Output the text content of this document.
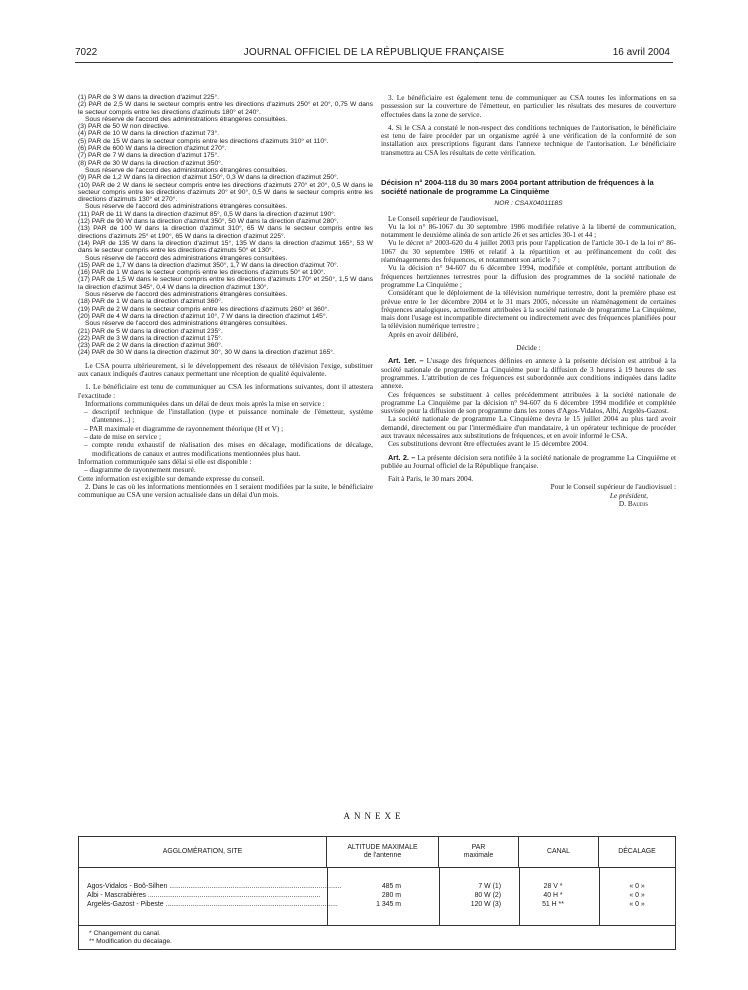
7022	JOURNAL OFFICIEL DE LA RÉPUBLIQUE FRANÇAISE	16 avril 2004

(1) PAR de 3 W dans la direction d'azimut 225°.

(2) PAR de 2,5 W dans le secteur compris entre les directions d'azimuts 250° et 20°, 0,75 W dans le secteur compris entre les directions d'azimuts 180° et 240°.

Sous réserve de l'accord des administrations étrangères consultées.

(3) PAR de 50 W non directive.

(4) PAR de 10 W dans la direction d'azimut 73°.

(5) PAR de 15 W dans le secteur compris entre les directions d'azimuts 310° et 110°.

(6) PAR de 600 W dans la direction d'azimut 270°.

(7) PAR de 7 W dans la direction d'azimut 175°.

(8) PAR de 30 W dans la direction d'azimut 350°.

Sous réserve de l'accord des administrations étrangères consultées.

(9) PAR de 1,2 W dans la direction d'azimut 150°, 0,3 W dans la direction d'azimut 250°.

(10) PAR de 2 W dans le secteur compris entre les directions d'azimuts 270° et 20°, 0,5 W dans le secteur compris entre les directions d'azimuts 20° et 90°, 0,5 W dans le secteur compris entre les directions d'azimuts 130° et 270°.

Sous réserve de l'accord des administrations étrangères consultées.

(11) PAR de 11 W dans la direction d'azimut 85°, 0,5 W dans la direction d'azimut 190°.

(12) PAR de 90 W dans la direction d'azimut 350°, 50 W dans la direction d'azimut 280°.

(13) PAR de 100 W dans la direction d'azimut 310°, 65 W dans le secteur compris entre les directions d'azimuts 25° et 190°, 65 W dans la direction d'azimut 225°.

(14) PAR de 135 W dans la direction d'azimut 15°, 135 W dans la direction d'azimut 165°, 53 W dans le secteur compris entre les directions d'azimuts 50° et 130°.

Sous réserve de l'accord des administrations étrangères consultées.

(15) PAR de 1,7 W dans la direction d'azimut 350°, 1,7 W dans la direction d'azimut 70°.

(16) PAR de 1 W dans le secteur compris entre les directions d'azimuts 50° et 190°.

(17) PAR de 1,5 W dans le secteur compris entre les directions d'azimuts 170° et 250°, 1,5 W dans la direction d'azimut 345°, 0,4 W dans la direction d'azimut 130°.

Sous réserve de l'accord des administrations étrangères consultées.

(18) PAR de 1 W dans la direction d'azimut 360°.

(19) PAR de 2 W dans le secteur compris entre les directions d'azimuts 260° et 360°.

(20) PAR de 4 W dans la direction d'azimut 10°, 7 W dans la direction d'azimut 145°.

Sous réserve de l'accord des administrations étrangères consultées.

(21) PAR de 5 W dans la direction d'azimut 235°.

(22) PAR de 3 W dans la direction d'azimut 175°.

(23) PAR de 2 W dans la direction d'azimut 360°.

(24) PAR de 30 W dans la direction d'azimut 30°, 30 W dans la direction d'azimut 165°.

Le CSA pourra ultérieurement, si le développement des réseaux de télévision l'exige, substituer aux canaux indiqués d'autres canaux permettant une réception de qualité équivalente.

1. Le bénéficiaire est tenu de communiquer au CSA les informations suivantes, dont il attestera l'exactitude :

Informations communiquées dans un délai de deux mois après la mise en service :

– descriptif technique de l'installation (type et puissance nominale de l'émetteur, système d'antennes...) ;

– PAR maximale et diagramme de rayonnement théorique (H et V) ;

– date de mise en service ;

– compte rendu exhaustif de réalisation des mises en décalage, modifications de décalage, modifications de canaux et autres modifications mentionnées plus haut.

Information communiquée sans délai si elle est disponible :

– diagramme de rayonnement mesuré.

Cette information est exigible sur demande expresse du conseil.

2. Dans le cas où les informations mentionnées en 1 seraient modifiées par la suite, le bénéficiaire communique au CSA une version actualisée dans un délai d'un mois.

3. Le bénéficiaire est également tenu de communiquer au CSA toutes les informations en sa possession sur la couverture de l'émetteur, en particulier les résultats des mesures de couverture effectuées dans la zone de service.

4. Si le CSA a constaté le non-respect des conditions techniques de l'autorisation, le bénéficiaire est tenu de faire procéder par un organisme agréé à une vérification de la conformité de son installation aux prescriptions figurant dans l'annexe technique de l'autorisation. Le bénéficiaire transmettra au CSA les résultats de cette vérification.

Décision n° 2004-118 du 30 mars 2004 portant attribution de fréquences à la société nationale de programme La Cinquième

NOR : CSAX0401118S

Le Conseil supérieur de l'audiovisuel,

Vu la loi n° 86-1067 du 30 septembre 1986 modifiée relative à la liberté de communication, notamment le deuxième alinéa de son article 26 et ses articles 30-1 et 44 ;

Vu le décret n° 2003-620 du 4 juillet 2003 pris pour l'application de l'article 30-1 de la loi n° 86-1067 du 30 septembre 1986 et relatif à la répartition et au préfinancement du coût des réaménagements des fréquences, et notamment son article 7 ;

Vu la décision n° 94-607 du 6 décembre 1994, modifiée et complétée, portant attribution de fréquences hertziennes terrestres pour la diffusion des programmes de la société nationale de programme La Cinquième ;

Considérant que le déploiement de la télévision numérique terrestre, dont la première phase est prévue entre le 1er décembre 2004 et le 31 mars 2005, nécessite un réaménagement de certaines fréquences analogiques, actuellement attribuées à la société nationale de programme La Cinquième, mais dont l'usage est incompatible directement ou indirectement avec des fréquences planifiées pour la télévision numérique terrestre ;

Après en avoir délibéré,

Décide :

Art. 1er. – L'usage des fréquences définies en annexe à la présente décision est attribué à la société nationale de programme La Cinquième pour la diffusion de 3 heures à 19 heures de ses programmes. L'attribution de ces fréquences est subordonnée aux conditions indiquées dans ladite annexe.

Ces fréquences se substituent à celles précédemment attribuées à la société nationale de programme La Cinquième par la décision n° 94-607 du 6 décembre 1994 modifiée et complétée susvisée pour la diffusion de son programme dans les zones d'Agos-Vidalos, Albi, Argelès-Gazost.

La société nationale de programme La Cinquième devra le 15 juillet 2004 au plus tard avoir demandé, directement ou par l'intermédiaire d'un mandataire, à un opérateur technique de procéder aux travaux nécessaires aux substitutions de fréquences, et en avoir informé le CSA.

Ces substitutions devront être effectuées avant le 15 décembre 2004.

Art. 2. – La présente décision sera notifiée à la société nationale de programme La Cinquième et publiée au Journal officiel de la République française.

Fait à Paris, le 30 mars 2004.

Pour le Conseil supérieur de l'audiovisuel :

Le président,

D. Baudis

ANNEXE
AGGLOMÉRATION, SITE
ALTITUDE MAXIMALE
de l'antenne
PAR
maximale
CANAL	DÉCALAGE
Agos-Vidalos - Boô-Silhen ..........................................................................................	485 m	7 W (1)	28 V *	« 0 »
Albi - Mascrabières ..........................................................................................	280 m	80 W (2)	40 H *	« 0 »
Argelès-Gazost - Pibeste ..........................................................................................	1 345 m	120 W (3)	51 H **	« 0 »
* Changement du canal.
** Modification du décalage.
